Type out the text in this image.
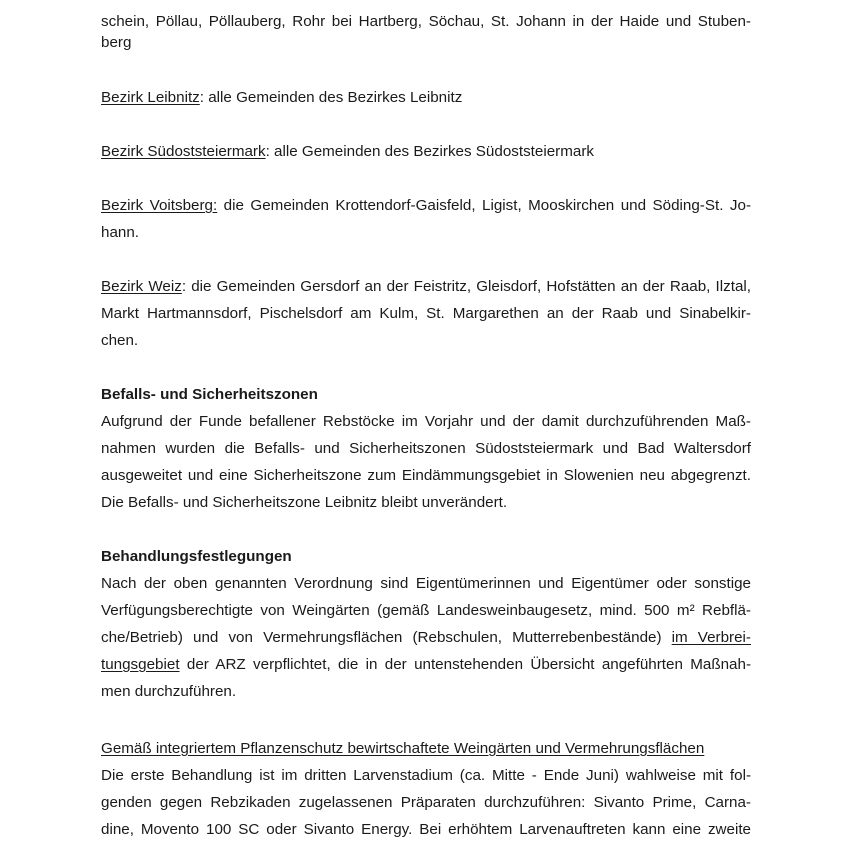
schein, Pöllau, Pöllauberg, Rohr bei Hartberg, Söchau, St. Johann in der Haide und Stuben-
berg
Bezirk Leibnitz: alle Gemeinden des Bezirkes Leibnitz
Bezirk Südoststeiermark: alle Gemeinden des Bezirkes Südoststeiermark
Bezirk Voitsberg: die Gemeinden Krottendorf-Gaisfeld, Ligist, Mooskirchen und Söding-St. Jo-
hann.
Bezirk Weiz: die Gemeinden Gersdorf an der Feistritz, Gleisdorf, Hofstätten an der Raab, Ilztal,
Markt Hartmannsdorf, Pischelsdorf am Kulm, St. Margarethen an der Raab und Sinabelkir-
chen.
Befalls- und Sicherheitszonen
Aufgrund der Funde befallener Rebstöcke im Vorjahr und der damit durchzuführenden Maß-
nahmen wurden die Befalls- und Sicherheitszonen Südoststeiermark und Bad Waltersdorf
ausgeweitet und eine Sicherheitszone zum Eindämmungsgebiet in Slowenien neu abgegrenzt.
Die Befalls- und Sicherheitszone Leibnitz bleibt unverändert.
Behandlungsfestlegungen
Nach der oben genannten Verordnung sind Eigentümerinnen und Eigentümer oder sonstige
Verfügungsberechtigte von Weingärten (gemäß Landesweinbaugesetz, mind. 500 m² Rebflä-
che/Betrieb) und von Vermehrungsflächen (Rebschulen, Mutterrebenbestände) im Verbrei-
tungsgebiet der ARZ verpflichtet, die in der untenstehenden Übersicht angeführten Maßnah-
men durchzuführen.
Gemäß integriertem Pflanzenschutz bewirtschaftete Weingärten und Vermehrungsflächen
Die erste Behandlung ist im dritten Larvenstadium (ca. Mitte - Ende Juni) wahlweise mit fol-
genden gegen Rebzikaden zugelassenen Präparaten durchzuführen: Sivanto Prime, Carna-
dine, Movento 100 SC oder Sivanto Energy. Bei erhöhtem Larvenauftreten kann eine zweite
